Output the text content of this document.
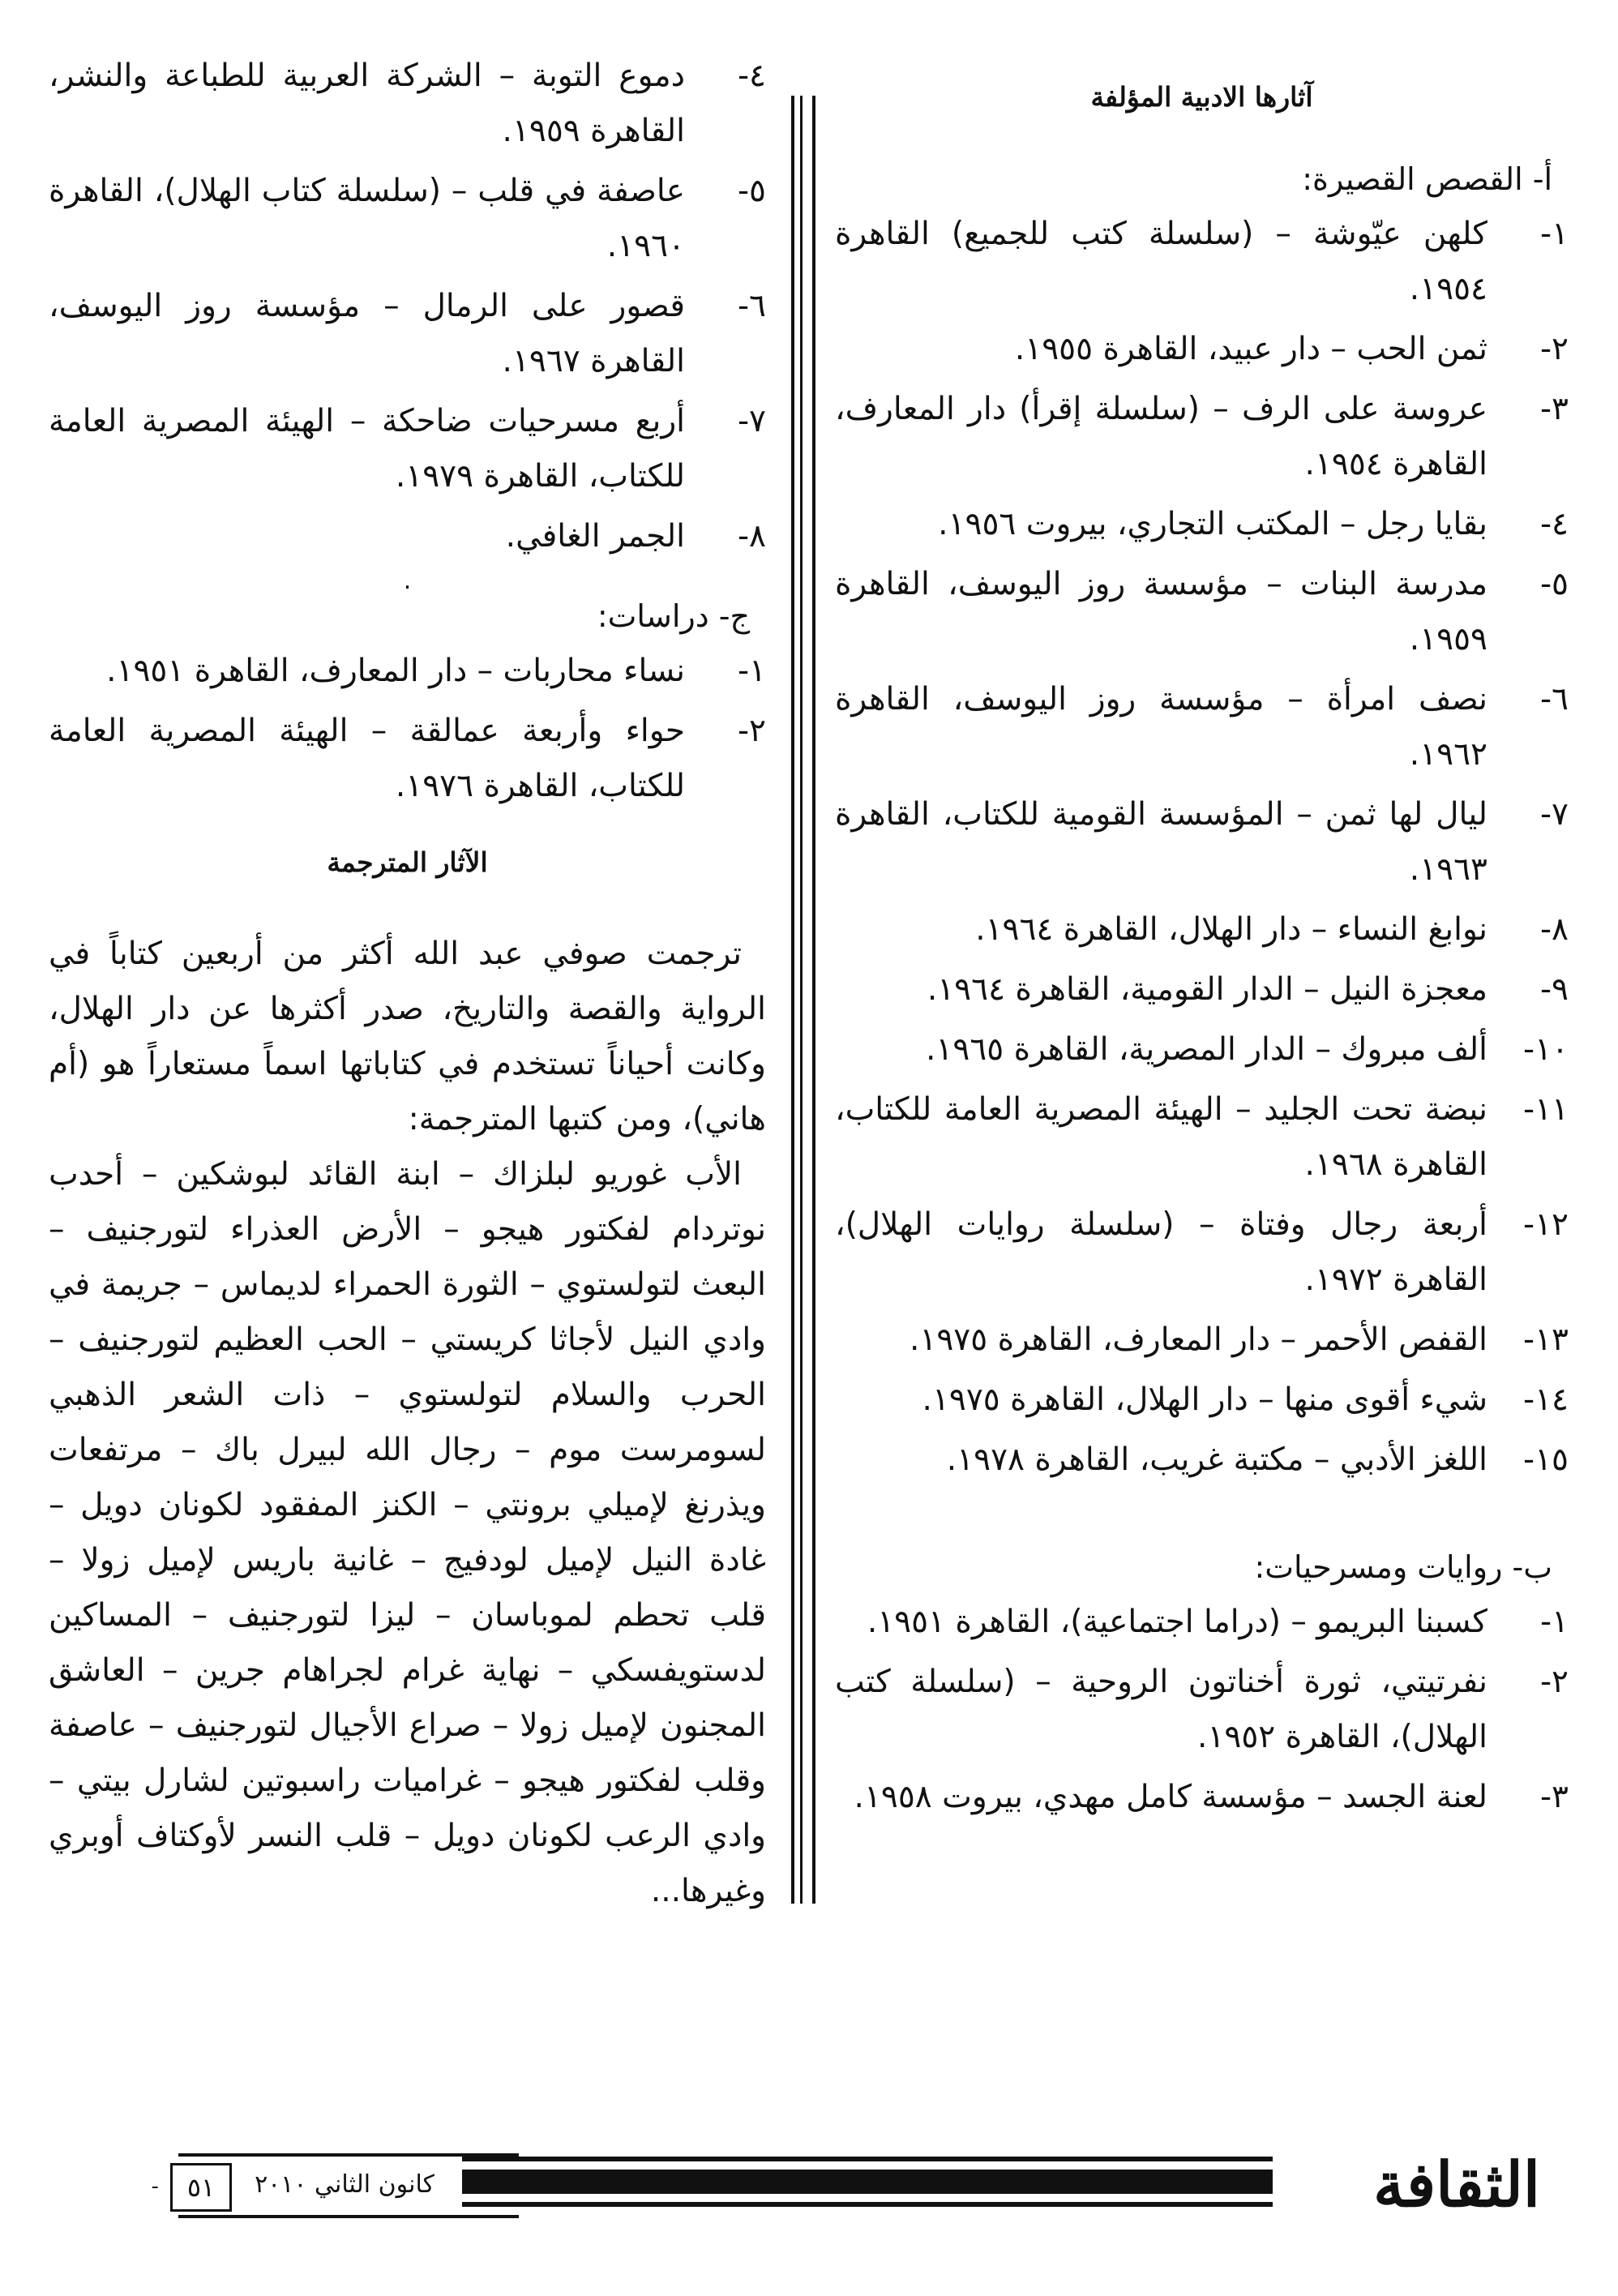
آثارها الادبية المؤلفة
أ- القصص القصيرة:
١-
كلهن عيّوشة – (سلسلة كتب للجميع) القاهرة ١٩٥٤.
٢-
ثمن الحب – دار عبيد، القاهرة ١٩٥٥.
٣-
عروسة على الرف – (سلسلة إقرأ) دار المعارف، القاهرة ١٩٥٤.
٤-
بقايا رجل – المكتب التجاري، بيروت ١٩٥٦.
٥-
مدرسة البنات – مؤسسة روز اليوسف، القاهرة ١٩٥٩.
٦-
نصف امرأة – مؤسسة روز اليوسف، القاهرة ١٩٦٢.
٧-
ليال لها ثمن – المؤسسة القومية للكتاب، القاهرة ١٩٦٣.
٨-
نوابغ النساء – دار الهلال، القاهرة ١٩٦٤.
٩-
معجزة النيل – الدار القومية، القاهرة ١٩٦٤.
١٠-
ألف مبروك – الدار المصرية، القاهرة ١٩٦٥.
١١-
نبضة تحت الجليد – الهيئة المصرية العامة للكتاب، القاهرة ١٩٦٨.
١٢-
أربعة رجال وفتاة – (سلسلة روايات الهلال)، القاهرة ١٩٧٢.
١٣-
القفص الأحمر – دار المعارف، القاهرة ١٩٧٥.
١٤-
شيء أقوى منها – دار الهلال، القاهرة ١٩٧٥.
١٥-
اللغز الأدبي – مكتبة غريب، القاهرة ١٩٧٨.
ب- روايات ومسرحيات:
١-
كسبنا البريمو – (دراما اجتماعية)، القاهرة ١٩٥١.
٢-
نفرتيتي، ثورة أخناتون الروحية – (سلسلة كتب الهلال)، القاهرة ١٩٥٢.
٣-
لعنة الجسد – مؤسسة كامل مهدي، بيروت ١٩٥٨.
٤-
دموع التوبة – الشركة العربية للطباعة والنشر، القاهرة ١٩٥٩.
٥-
عاصفة في قلب – (سلسلة كتاب الهلال)، القاهرة ١٩٦٠.
٦-
قصور على الرمال – مؤسسة روز اليوسف، القاهرة ١٩٦٧.
٧-
أربع مسرحيات ضاحكة – الهيئة المصرية العامة للكتاب، القاهرة ١٩٧٩.
٨-
الجمر الغافي.
.
ج- دراسات:
١-
نساء محاربات – دار المعارف، القاهرة ١٩٥١.
٢-
حواء وأربعة عمالقة – الهيئة المصرية العامة للكتاب، القاهرة ١٩٧٦.
الآثار المترجمة

ترجمت صوفي عبد الله أكثر من أربعين كتاباً في الرواية والقصة والتاريخ، صدر أكثرها عن دار الهلال، وكانت أحياناً تستخدم في كتاباتها اسماً مستعاراً هو (أم هاني)، ومن كتبها المترجمة:

الأب غوريو لبلزاك – ابنة القائد لبوشكين – أحدب نوتردام لفكتور هيجو – الأرض العذراء لتورجنيف – البعث لتولستوي – الثورة الحمراء لديماس – جريمة في وادي النيل لأجاثا كريستي – الحب العظيم لتورجنيف – الحرب والسلام لتولستوي – ذات الشعر الذهبي لسومرست موم – رجال الله لبيرل باك – مرتفعات ويذرنغ لإميلي برونتي – الكنز المفقود لكونان دويل – غادة النيل لإميل لودفيج – غانية باريس لإميل زولا – قلب تحطم لموباسان – ليزا لتورجنيف – المساكين لدستويفسكي – نهاية غرام لجراهام جرين – العاشق المجنون لإميل زولا – صراع الأجيال لتورجنيف – عاصفة وقلب لفكتور هيجو – غراميات راسبوتين لشارل بيتي – وادي الرعب لكونان دويل – قلب النسر لأوكتاف أوبري وغيرها...

الثقافة
كانون الثاني ٢٠١٠
٥١
ـ
